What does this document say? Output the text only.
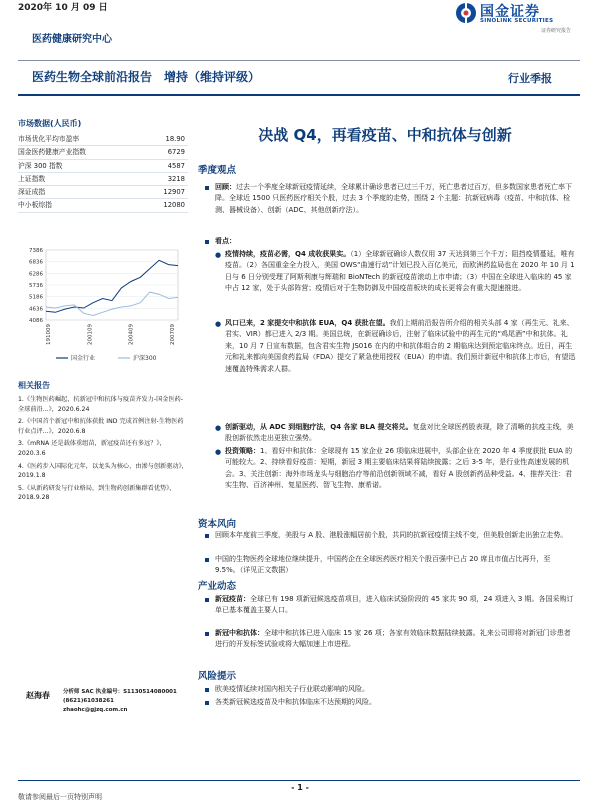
2020年 10 月 09 日	国金证券
SINOLINK SECURITIES
证券研究报告
医药健康研究中心
医药生物全球前沿报告　增持（维持评级）	行业季报
市场数据(人民币)
市场优化平均市盈率	18.90
国金医药健康产业指数	6729
沪深 300 指数	4587
上证指数	3218
深证成指	12907
中小板综指	12080
7386
6836
6286
5736
5186
4636
4086
191009	200109	200409	200709
国金行业	沪深300
相关报告
1.《生物医药崛起，抗新冠中和抗体与疫苗齐发力-国金医药-全球前沿...》，2020.6.24
2.《中国首个新冠中和抗体获批 IND 完成首例注射-生物医药行业点评...》，2020.6.8
3.《mRNA 还是载体重组苗，新冠疫苗还有多远？》，2020.3.6
4.《医药步入国际化元年，以龙头为核心，由渗与创新驱动》，2019.1.8
5.《从新药研发与行业格局，到生物药创新集群看优势》，2018.9.28
赵海春 分析师 SAC 执业编号：S1130514080001
(8621)61038261
zhaohc@gjzq.com.cn
决战 Q4，再看疫苗、中和抗体与创新
季度观点
回顾：过去一个季度全球新冠疫情延续，全球累计确诊患者已过三千万，死亡患者过百万，但多数国家患者死亡率下降。全球近 1500 只医药医疗相关个股，过去 3 个季度的走势，围绕 2 个主题：抗新冠病毒（疫苗、中和抗体、检测、器械设备）、创新（ADC、其他创新疗法）。
看点：
● 疫情持续，疫苗必需，Q4 成收获果实。（1）全球新冠确诊人数仅用 37 天达到第三个千万；阻挡疫情蔓延，唯有疫苗。（2）各国重金全力投入，美国 OWS“曲速行动”计划已投入百亿美元，而欧洲药监局也在 2020 年 10 月 1 日与 6 日分别受理了阿斯利康与辉瑞和 BioNTech 的新冠疫苗滚动上市申请；（3）中国在全球进入临床的 45 家中占 12 家，处于头部阵营；疫情后对于生物防御及中国疫苗板块的成长更将会有重大提速推进。
● 风口已来，2 家提交中和抗体 EUA，Q4 获批在望。我们上期前沿报告所介绍的相关头部 4 家（再生元、礼来、君实、VIR）都已进入 2/3 期。美国总统，在新冠确诊后，注射了临床试验中的再生元的“鸡尾酒”中和抗体。礼来，10 月 7 日宣布数据，包含君实生物 JS016 在内的中和抗体组合的 2 期临床达到预定临床终点。近日，再生元和礼来都向美国食药监局（FDA）提交了紧急使用授权（EUA）的申请。我们预计新冠中和抗体上市后，有望迅速覆盖特殊需求人群。
● 创新驱动，从 ADC 到细胞疗法，Q4 各家 BLA 提交将兑。复盘对比全球医药股表现，除了清晰的抗疫主线，美股创新依然走出更独立强势。
● 投资策略：1、看好中和抗体：全球现有 15 家企业 26 项临床进展中，头部企业在 2020 年 4 季度获批 EUA 的可能较大。2、持续看好疫苗：短期，新冠 3 期主要临床结果将陆续披露；之后 3-5 年，是行业性高速发展的机会。3、关注创新：海外市场龙头与细胞治疗等前沿创新领域不减，看好 A 股创新药品种受益。4、推荐关注：君实生物、百济神州、复星医药、智飞生物、康希诺。
资本风向
回顾本年度前三季度，美股与 A 股、港股涨幅居前个股，共同的抗新冠疫情主线不变，但美股创新走出独立走势。
中国的生物医药全球地位继续提升，中国药企在全球医药医疗相关个股百强中已占 20 席且市值占比再升，至 9.5%。（详见正文数据）
产业动态
新冠疫苗：全球已有 198 项新冠候选疫苗项目，进入临床试验阶段的 45 家共 90 项，24 项进入 3 期。各国采购订单已基本覆盖主要人口。
新冠中和抗体：全球中和抗体已进入临床 15 家 26 项；各家有效临床数据陆续披露。礼来公司即将对新冠门诊患者进行的开发标签试验或将大幅加速上市进程。
风险提示
欧美疫情延续对国内相关子行业联动影响的风险。
各类新冠候选疫苗及中和抗体临床不达预期的风险。
- 1 -
敬请参阅最后一页特别声明
